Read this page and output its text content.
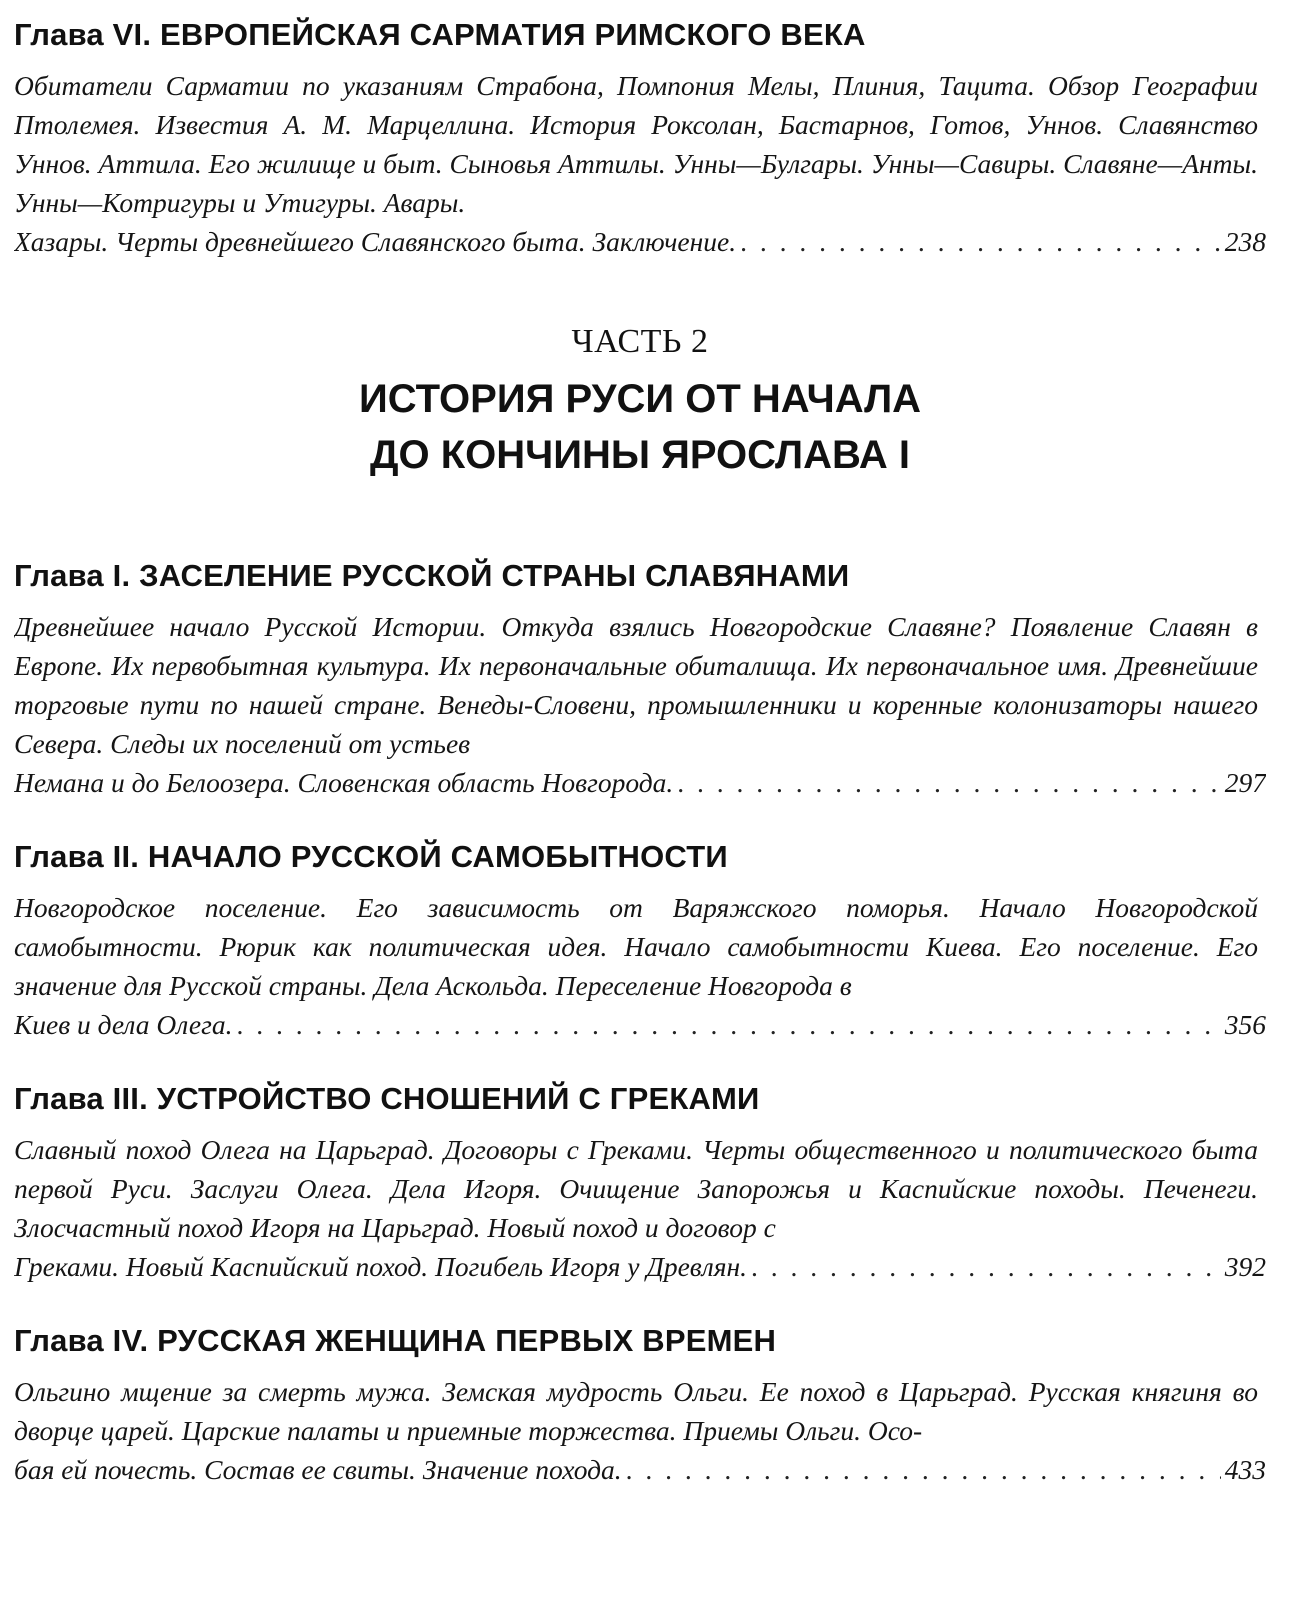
Глава VI. ЕВРОПЕЙСКАЯ САРМАТИЯ РИМСКОГО ВЕКА

Обитатели Сарматии по указаниям Страбона, Помпония Мелы, Плиния, Тацита. Обзор Географии Птолемея. Известия А. М. Марцеллина. История Роксолан, Бастарнов, Готов, Уннов. Славянство Уннов. Аттила. Его жилище и быт. Сыновья Аттилы. Унны—Булгары. Унны—Савиры. Славяне—Анты. Унны—Котригуры и Утигуры. Авары.

Хазары. Черты древнейшего Славянского быта. Заключение. . . .	238
ЧАСТЬ 2
ИСТОРИЯ РУСИ ОТ НАЧАЛА
ДО КОНЧИНЫ ЯРОСЛАВА I
Глава I. ЗАСЕЛЕНИЕ РУССКОЙ СТРАНЫ СЛАВЯНАМИ

Древнейшее начало Русской Истории. Откуда взялись Новгородские Славяне? Появление Славян в Европе. Их первобытная культура. Их первоначальные обиталища. Их первоначальное имя. Древнейшие торговые пути по нашей стране. Венеды-Словени, промышленники и коренные колонизаторы нашего Севера. Следы их поселений от устьев

Немана и до Белоозера. Словенская область Новгорода. . . .	297
Глава II. НАЧАЛО РУССКОЙ САМОБЫТНОСТИ

Новгородское поселение. Его зависимость от Варяжского поморья. Начало Новгородской самобытности. Рюрик как политическая идея. Начало самобытности Киева. Его поселение. Его значение для Русской страны. Дела Аскольда. Переселение Новгорода в

Киев и дела Олега. . . .	356
Глава III. УСТРОЙСТВО СНОШЕНИЙ С ГРЕКАМИ

Славный поход Олега на Царьград. Договоры с Греками. Черты общественного и политического быта первой Руси. Заслуги Олега. Дела Игоря. Очищение Запорожья и Каспийские походы. Печенеги. Злосчастный поход Игоря на Царьград. Новый поход и договор с

Греками. Новый Каспийский поход. Погибель Игоря у Древлян. . . .	392
Глава IV. РУССКАЯ ЖЕНЩИНА ПЕРВЫХ ВРЕМЕН

Ольгино мщение за смерть мужа. Земская мудрость Ольги. Ее поход в Царьград. Русская княгиня во дворце царей. Царские палаты и приемные торжества. Приемы Ольги. Осо-

бая ей почесть. Состав ее свиты. Значение похода. . . .	433
